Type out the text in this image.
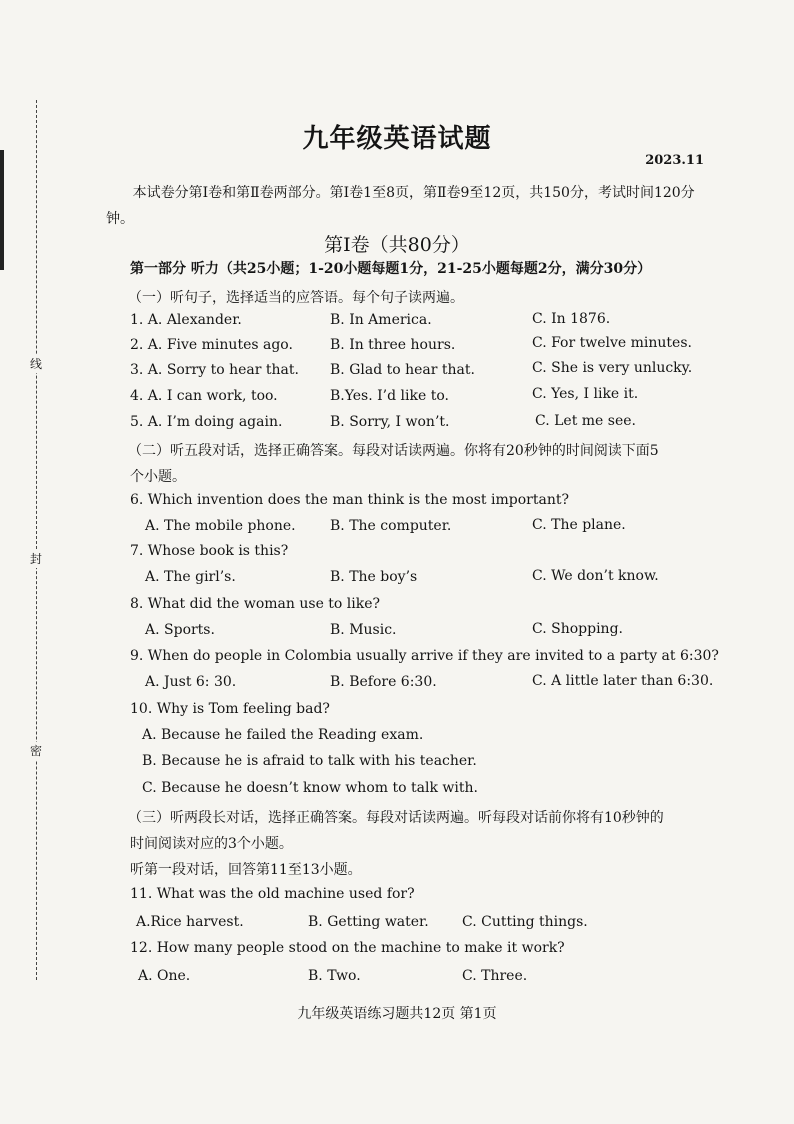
线
封
密
九年级英语试题
2023.11
本试卷分第Ⅰ卷和第Ⅱ卷两部分。第Ⅰ卷1至8页，第Ⅱ卷9至12页，共150分，考试时间120分钟。
第Ⅰ卷（共80分）
第一部分 听力（共25小题；1-20小题每题1分，21-25小题每题2分，满分30分）
（一）听句子，选择适当的应答语。每个句子读两遍。
1. A. Alexander.	B. In America.	C. In 1876.
2. A. Five minutes ago.	B. In three hours.	C. For twelve minutes.
3. A. Sorry to hear that. B. Glad to hear that.	C. She is very unlucky.
4. A. I can work, too.	B.Yes. I’d like to.	C. Yes, I like it.
5. A. I’m doing again.	B. Sorry, I won’t.	C. Let me see.
（二）听五段对话，选择正确答案。每段对话读两遍。你将有20秒钟的时间阅读下面5
个小题。
6. Which invention does the man think is the most important?
A. The mobile phone. B. The computer.	C. The plane.
7. Whose book is this?
A. The girl’s.	B. The boy’s	C. We don’t know.
8. What did the woman use to like?
A. Sports.	B. Music.	C. Shopping.
9. When do people in Colombia usually arrive if they are invited to a party at 6:30?
A. Just 6: 30.	B. Before 6:30.	C. A little later than 6:30.
10. Why is Tom feeling bad?
A. Because he failed the Reading exam.
B. Because he is afraid to talk with his teacher.
C. Because he doesn’t know whom to talk with.
（三）听两段长对话，选择正确答案。每段对话读两遍。听每段对话前你将有10秒钟的
时间阅读对应的3个小题。
听第一段对话，回答第11至13小题。
11. What was the old machine used for?
A.Rice harvest.	B. Getting water. C. Cutting things.
12. How many people stood on the machine to make it work?
A. One.	B. Two.	C. Three.
九年级英语练习题共12页 第1页
